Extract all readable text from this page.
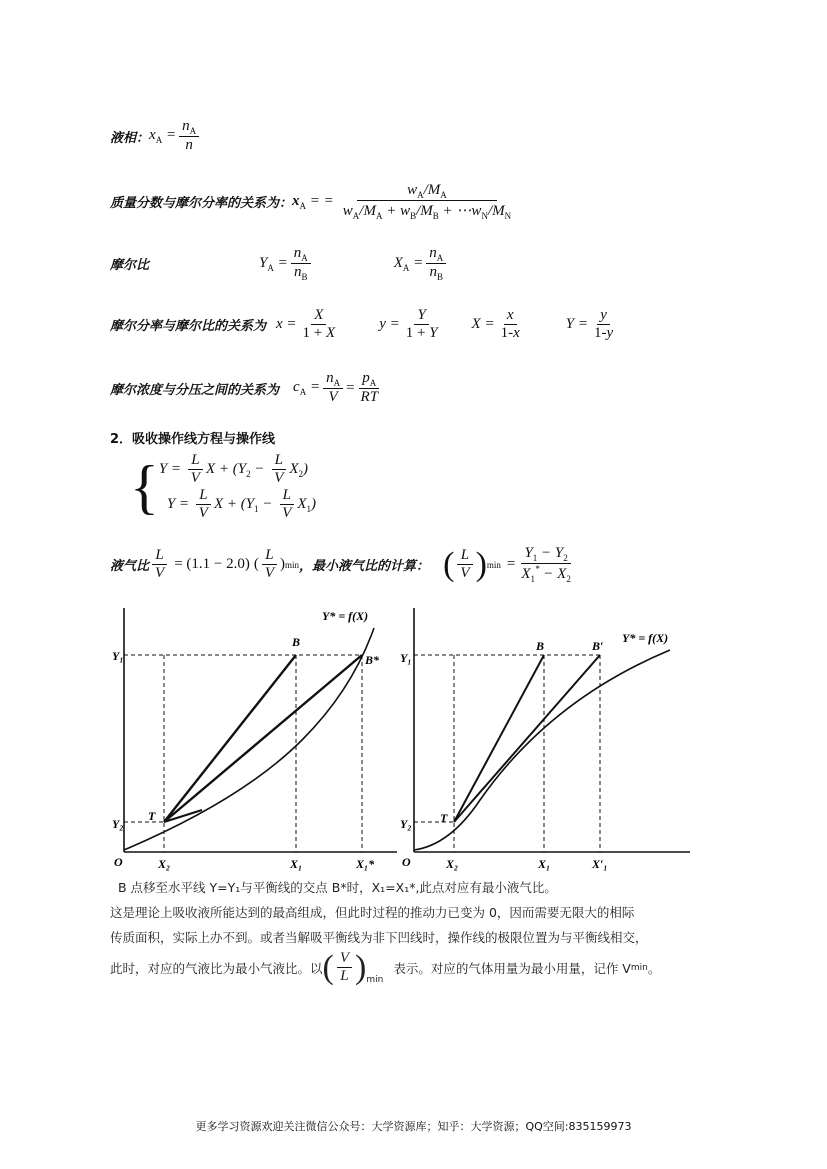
液相： $x_A = \frac{n_A}{n}$
质量分数与摩尔分率的关系为： $x_A$ = = $\frac{w_A/M_A}{w_A/M_A + w_B/M_B + \cdots w_N/M_N}$
摩尔比	$Y_A = \frac{n_A}{n_B}$	$X_A = \frac{n_A}{n_B}$
摩尔分率与摩尔比的关系为 $x = \frac{X}{1 + X}$	$y = \frac{Y}{1 + Y}$ $X = \frac{x}{1-x}$	$Y = \frac{y}{1-y}$
摩尔浓度与分压之间的关系为 $c_A = \frac{n_A}{V} = \frac{p_A}{RT}$
2．吸收操作线方程与操作线
{ $Y = \frac{L}{V}$ $X + (Y_2 - \frac{L}{V} X_2)$
$Y = \frac{L}{V}$ $X + (Y_1 - \frac{L}{V} X_1)$
液气比 $\frac{L}{V} = (1.1 - 2.0)$ ( $\frac{L}{V}$ ) min ，最小液气比的计算： ( $\frac{L}{V}$ ) $\min = \frac{Y_1 - Y_2}{X_1^* - X_2}$
Y* = f(X)
B
B*
T
Y₁
Y₂
O	X₂	X₁	X₁*
Y* = f(X)
B	B′
T
Y₁
Y₂
O	X₂	X₁	X′₁
B 点移至水平线 Y=Y₁与平衡线的交点 B*时，X₁=X₁*,此点对应有最小液气比。
这是理论上吸收液所能达到的最高组成，但此时过程的推动力已变为 0，因而需要无限大的相际
传质面积，实际上办不到。或者当解吸平衡线为非下凹线时，操作线的极限位置为与平衡线相交，
此时，对应的气液比为最小气液比。以 ( $\frac{V}{L} )_{min}$
表示。对应的气体用量为最小用量，记作 V min 。
更多学习资源欢迎关注微信公众号：大学资源库；知乎：大学资源；QQ空间:835159973
